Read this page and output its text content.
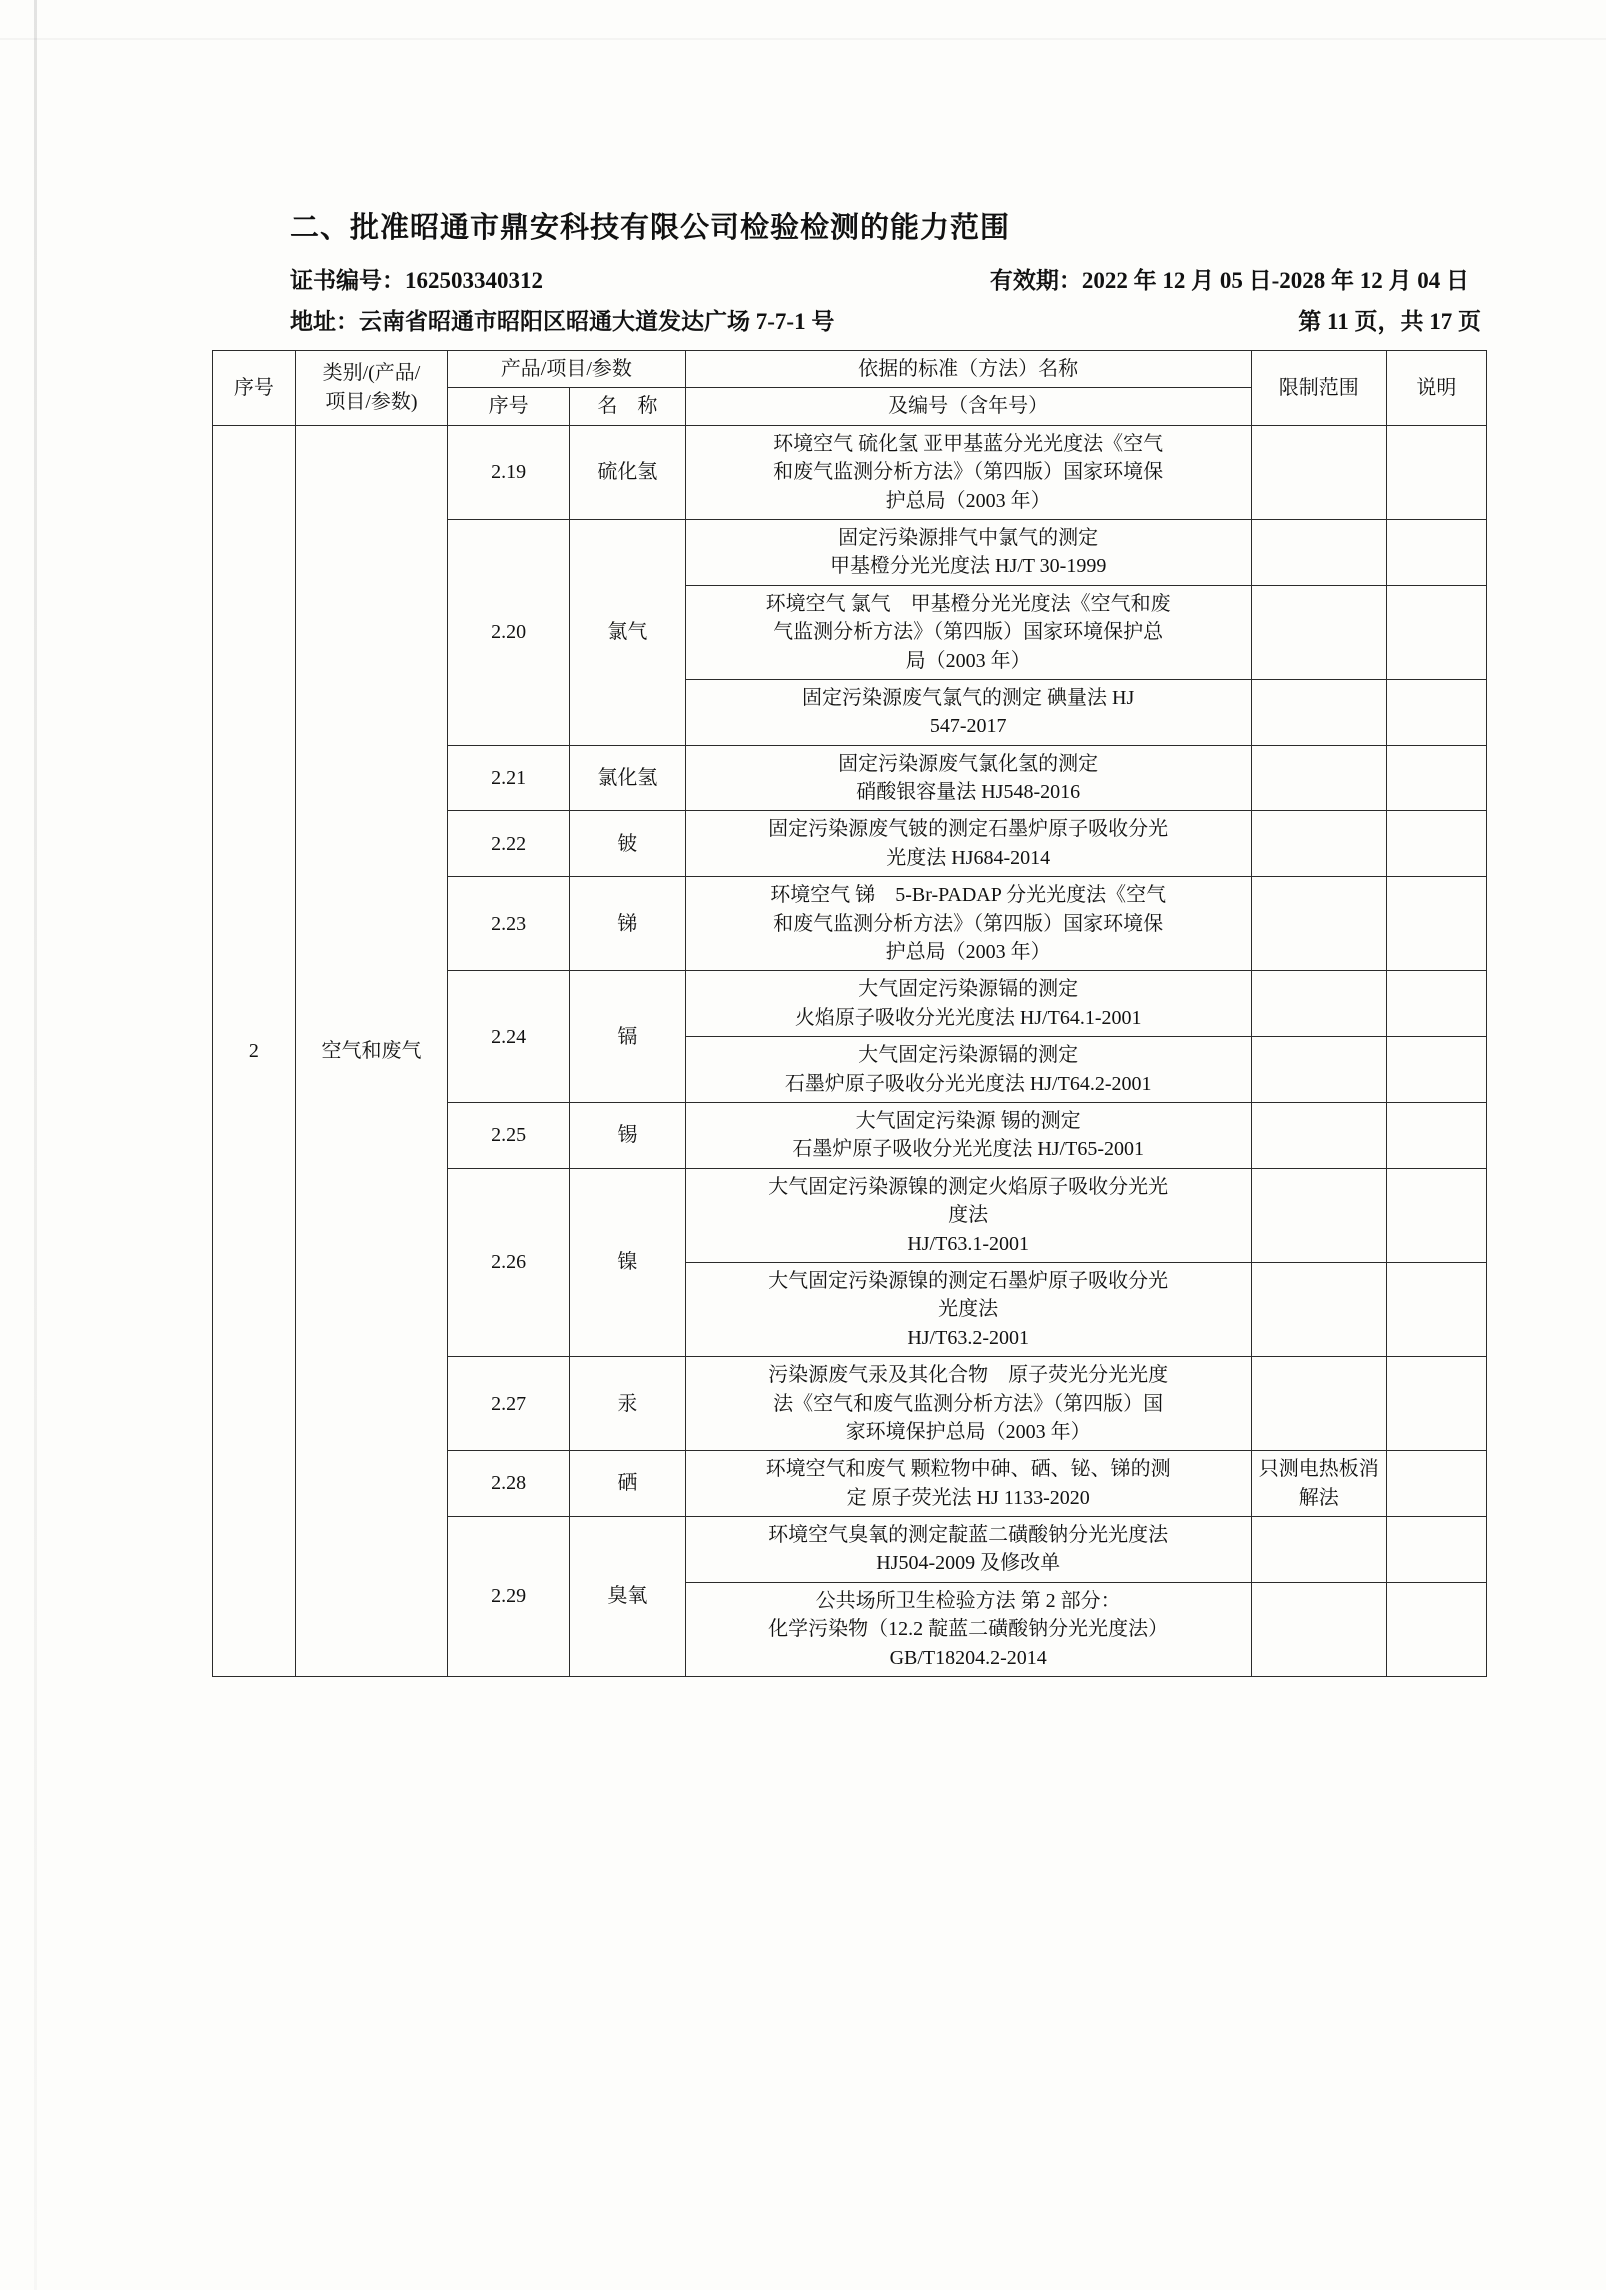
二、批准昭通市鼎安科技有限公司检验检测的能力范围
证书编号：162503340312	有效期：2022 年 12 月 05 日-2028 年 12 月 04 日
地址：云南省昭通市昭阳区昭通大道发达广场 7-7-1 号	第 11 页，共 17 页
序号	类别/(产品/
项目/参数)	产品/项目/参数		依据的标准（方法）名称	限制范围	说明
		序号	名　称	及编号（含年号）		
2	空气和废气	2.19	硫化氢	环境空气 硫化氢 亚甲基蓝分光光度法《空气
和废气监测分析方法》（第四版）国家环境保
护总局（2003 年）		

		2.20	氯气	固定污染源排气中氯气的测定
甲基橙分光光度法 HJ/T 30-1999		

				环境空气 氯气　甲基橙分光光度法《空气和废
气监测分析方法》（第四版）国家环境保护总
局（2003 年）		

				固定污染源废气氯气的测定 碘量法 HJ
547-2017		

		2.21	氯化氢	固定污染源废气氯化氢的测定
硝酸银容量法 HJ548-2016		

		2.22	铍	固定污染源废气铍的测定石墨炉原子吸收分光
光度法 HJ684-2014		

		2.23	锑	环境空气 锑　5-Br-PADAP 分光光度法《空气
和废气监测分析方法》（第四版）国家环境保
护总局（2003 年）		

		2.24	镉	大气固定污染源镉的测定
火焰原子吸收分光光度法 HJ/T64.1-2001		

				大气固定污染源镉的测定
石墨炉原子吸收分光光度法 HJ/T64.2-2001		

		2.25	锡	大气固定污染源 锡的测定
石墨炉原子吸收分光光度法 HJ/T65-2001		

		2.26	镍	大气固定污染源镍的测定火焰原子吸收分光光
度法
HJ/T63.1-2001		

				大气固定污染源镍的测定石墨炉原子吸收分光
光度法
HJ/T63.2-2001		

		2.27	汞	污染源废气汞及其化合物　原子荧光分光光度
法《空气和废气监测分析方法》（第四版）国
家环境保护总局（2003 年）		

		2.28	硒	环境空气和废气 颗粒物中砷、硒、铋、锑的测
定 原子荧光法 HJ 1133-2020	只测电热板消解法	
		2.29	臭氧	环境空气臭氧的测定靛蓝二磺酸钠分光光度法
HJ504-2009 及修改单		

				公共场所卫生检验方法 第 2 部分：
化学污染物（12.2 靛蓝二磺酸钠分光光度法）
GB/T18204.2-2014		
